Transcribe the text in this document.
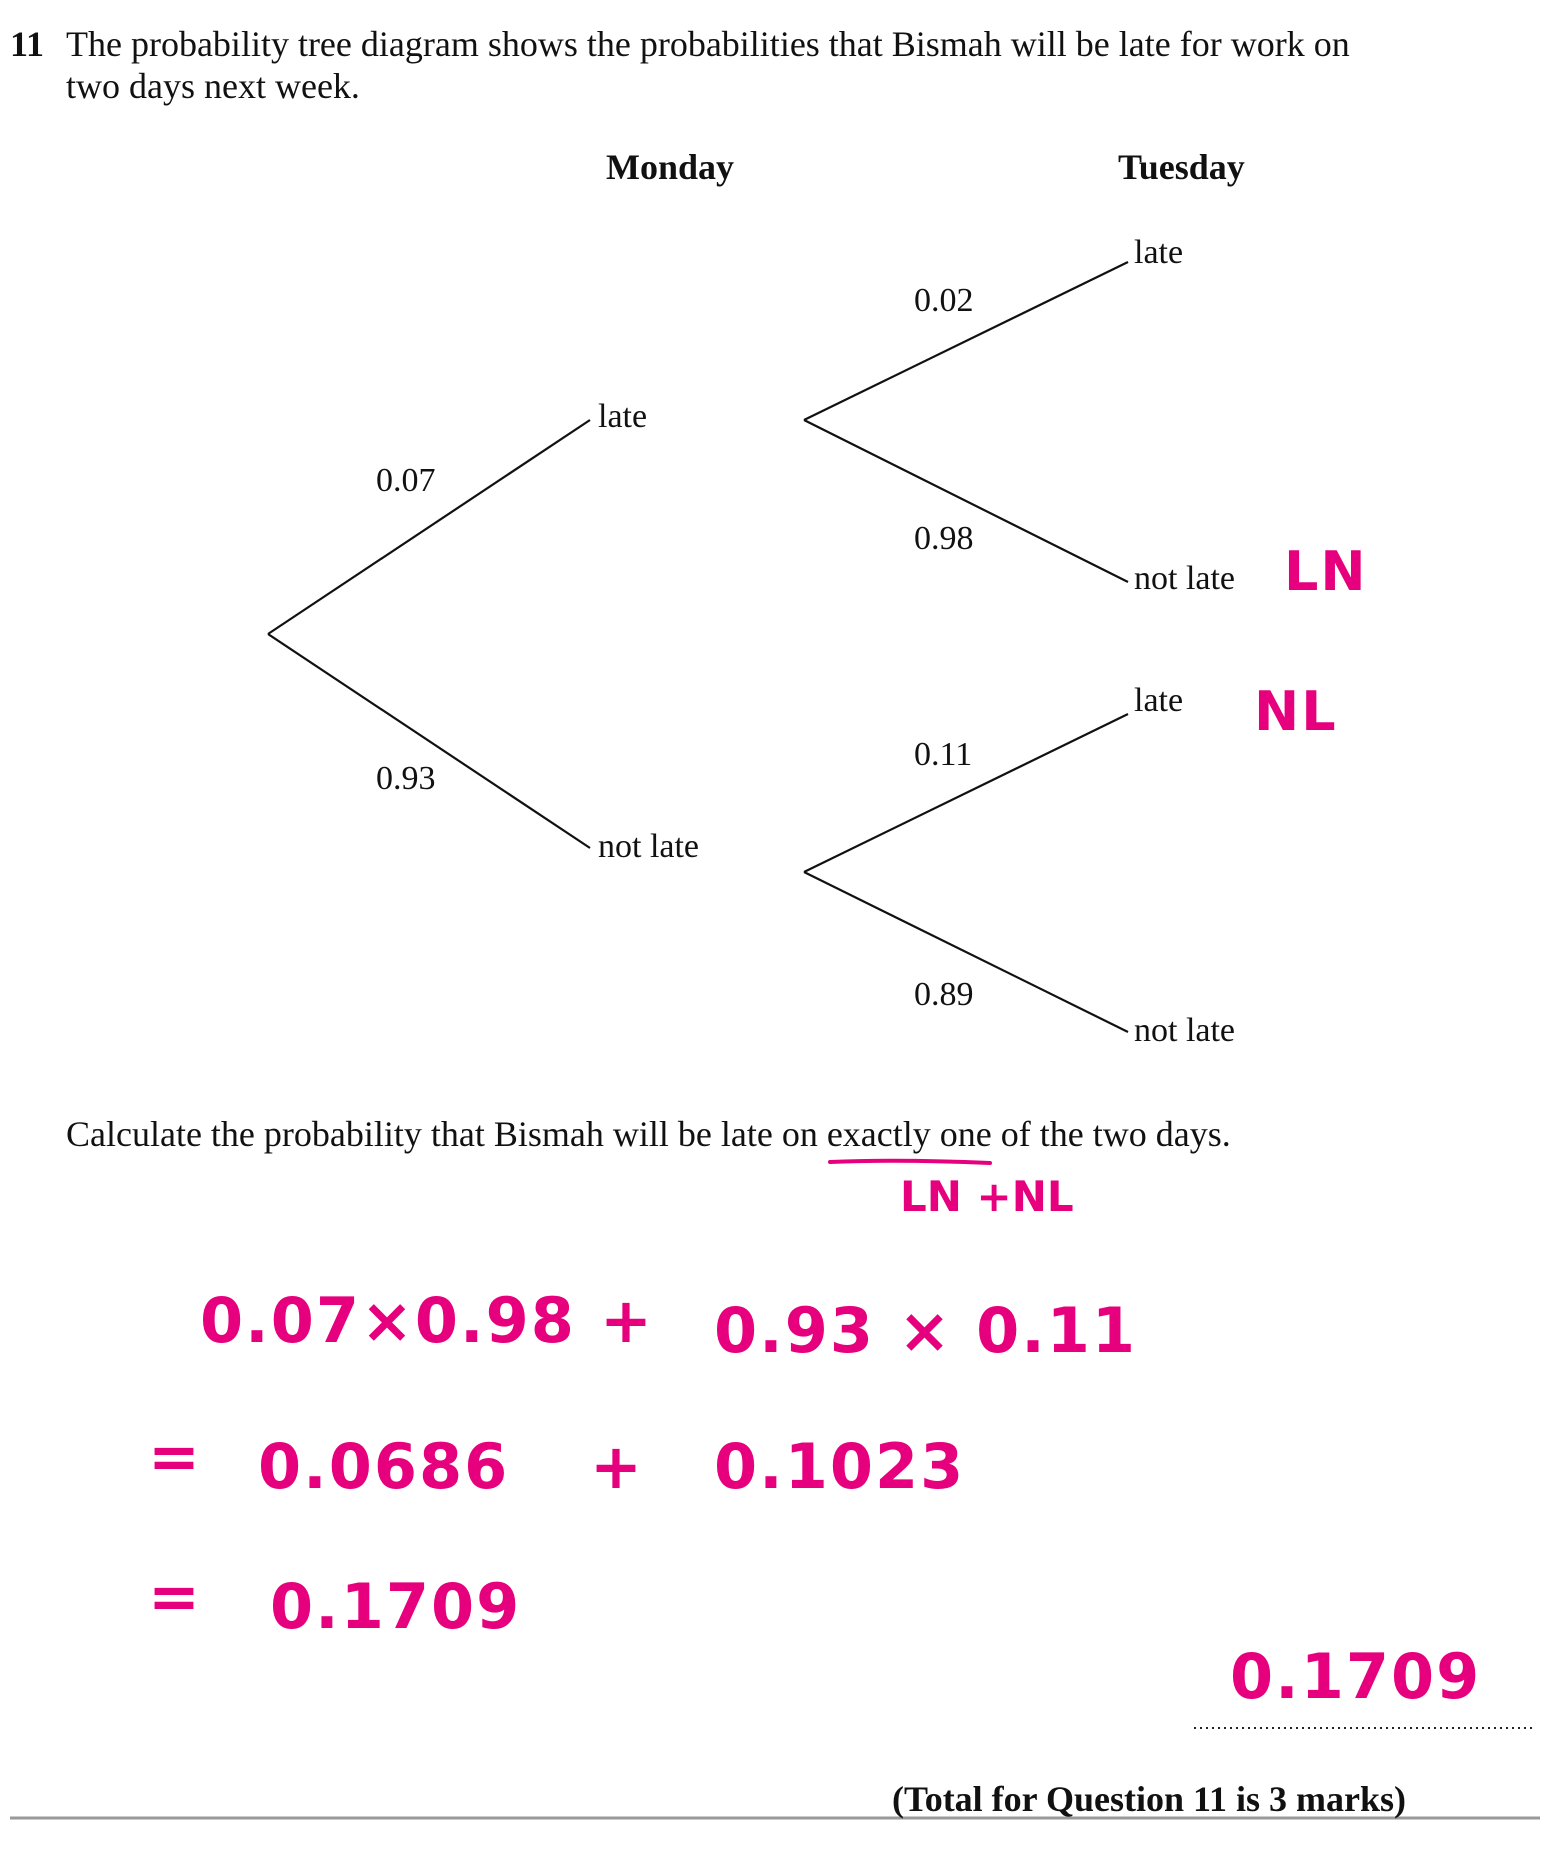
11 The probability tree diagram shows the probabilities that Bismah will be late for work on
two days next week.
Monday	Tuesday
late
0.07
0.93
not late
0.02
late
0.98
not late
late
0.11
0.89
not late
LN
NL
Calculate the probability that Bismah will be late on exactly one of the two days.
LN +NL
0.07×0.98 + 0.93 × 0.11
= 0.0686 + 0.1023
= 0.1709
0.1709
(Total for Question 11 is 3 marks)
